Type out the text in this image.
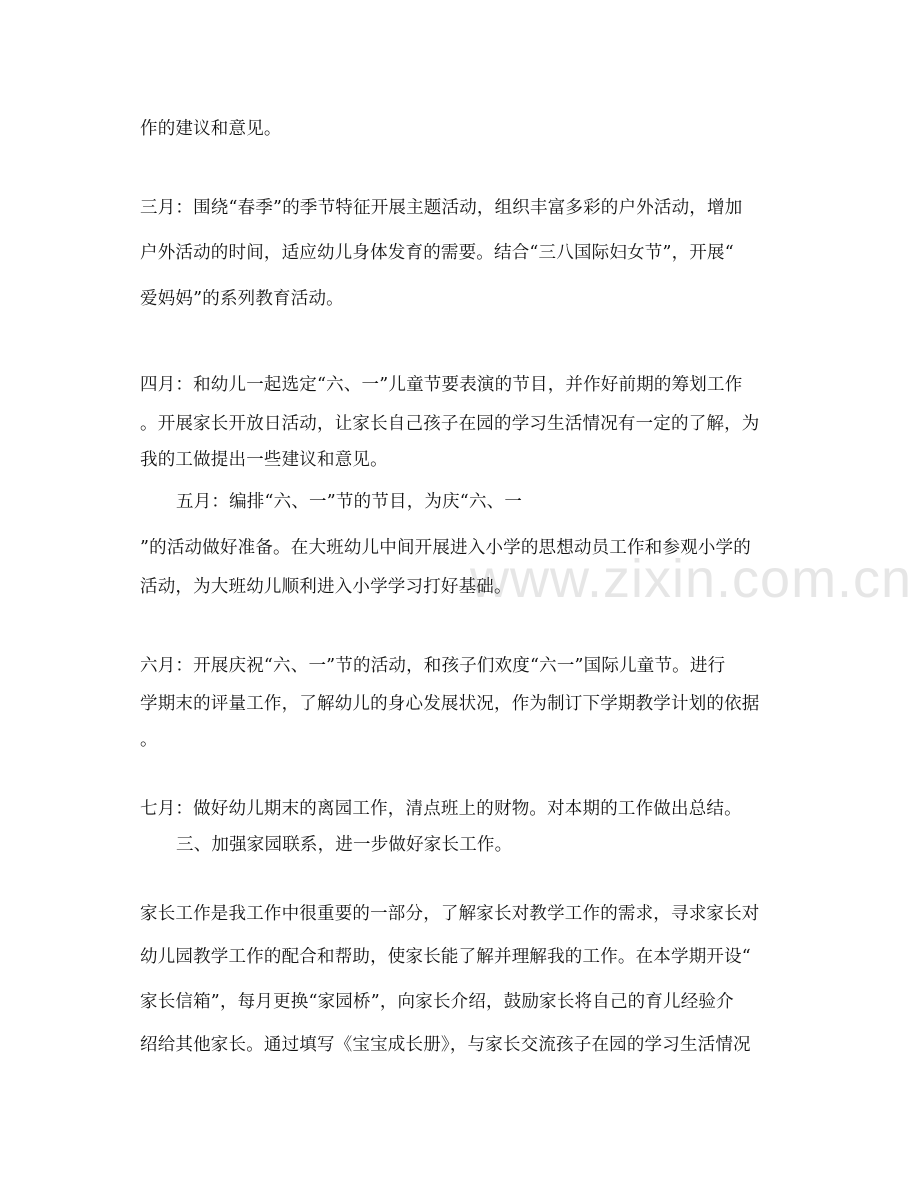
www.zixin.com.cn
作的建议和意见。
三月：围绕“春季”的季节特征开展主题活动，组织丰富多彩的户外活动，增加
户外活动的时间，适应幼儿身体发育的需要。结合“三八国际妇女节”，开展“
爱妈妈”的系列教育活动。
四月：和幼儿一起选定“六、一”儿童节要表演的节目，并作好前期的筹划工作
。开展家长开放日活动，让家长自己孩子在园的学习生活情况有一定的了解，为
我的工做提出一些建议和意见。
五月：编排“六、一”节的节目，为庆“六、一
”的活动做好准备。在大班幼儿中间开展进入小学的思想动员工作和参观小学的
活动，为大班幼儿顺利进入小学学习打好基础。
六月：开展庆祝“六、一”节的活动，和孩子们欢度“六一”国际儿童节。进行
学期末的评量工作，了解幼儿的身心发展状况，作为制订下学期教学计划的依据
。
七月：做好幼儿期末的离园工作，清点班上的财物。对本期的工作做出总结。
三、加强家园联系，进一步做好家长工作。
家长工作是我工作中很重要的一部分，了解家长对教学工作的需求，寻求家长对
幼儿园教学工作的配合和帮助，使家长能了解并理解我的工作。在本学期开设“
家长信箱”，每月更换“家园桥”，向家长介绍，鼓励家长将自己的育儿经验介
绍给其他家长。通过填写《宝宝成长册》，与家长交流孩子在园的学习生活情况
